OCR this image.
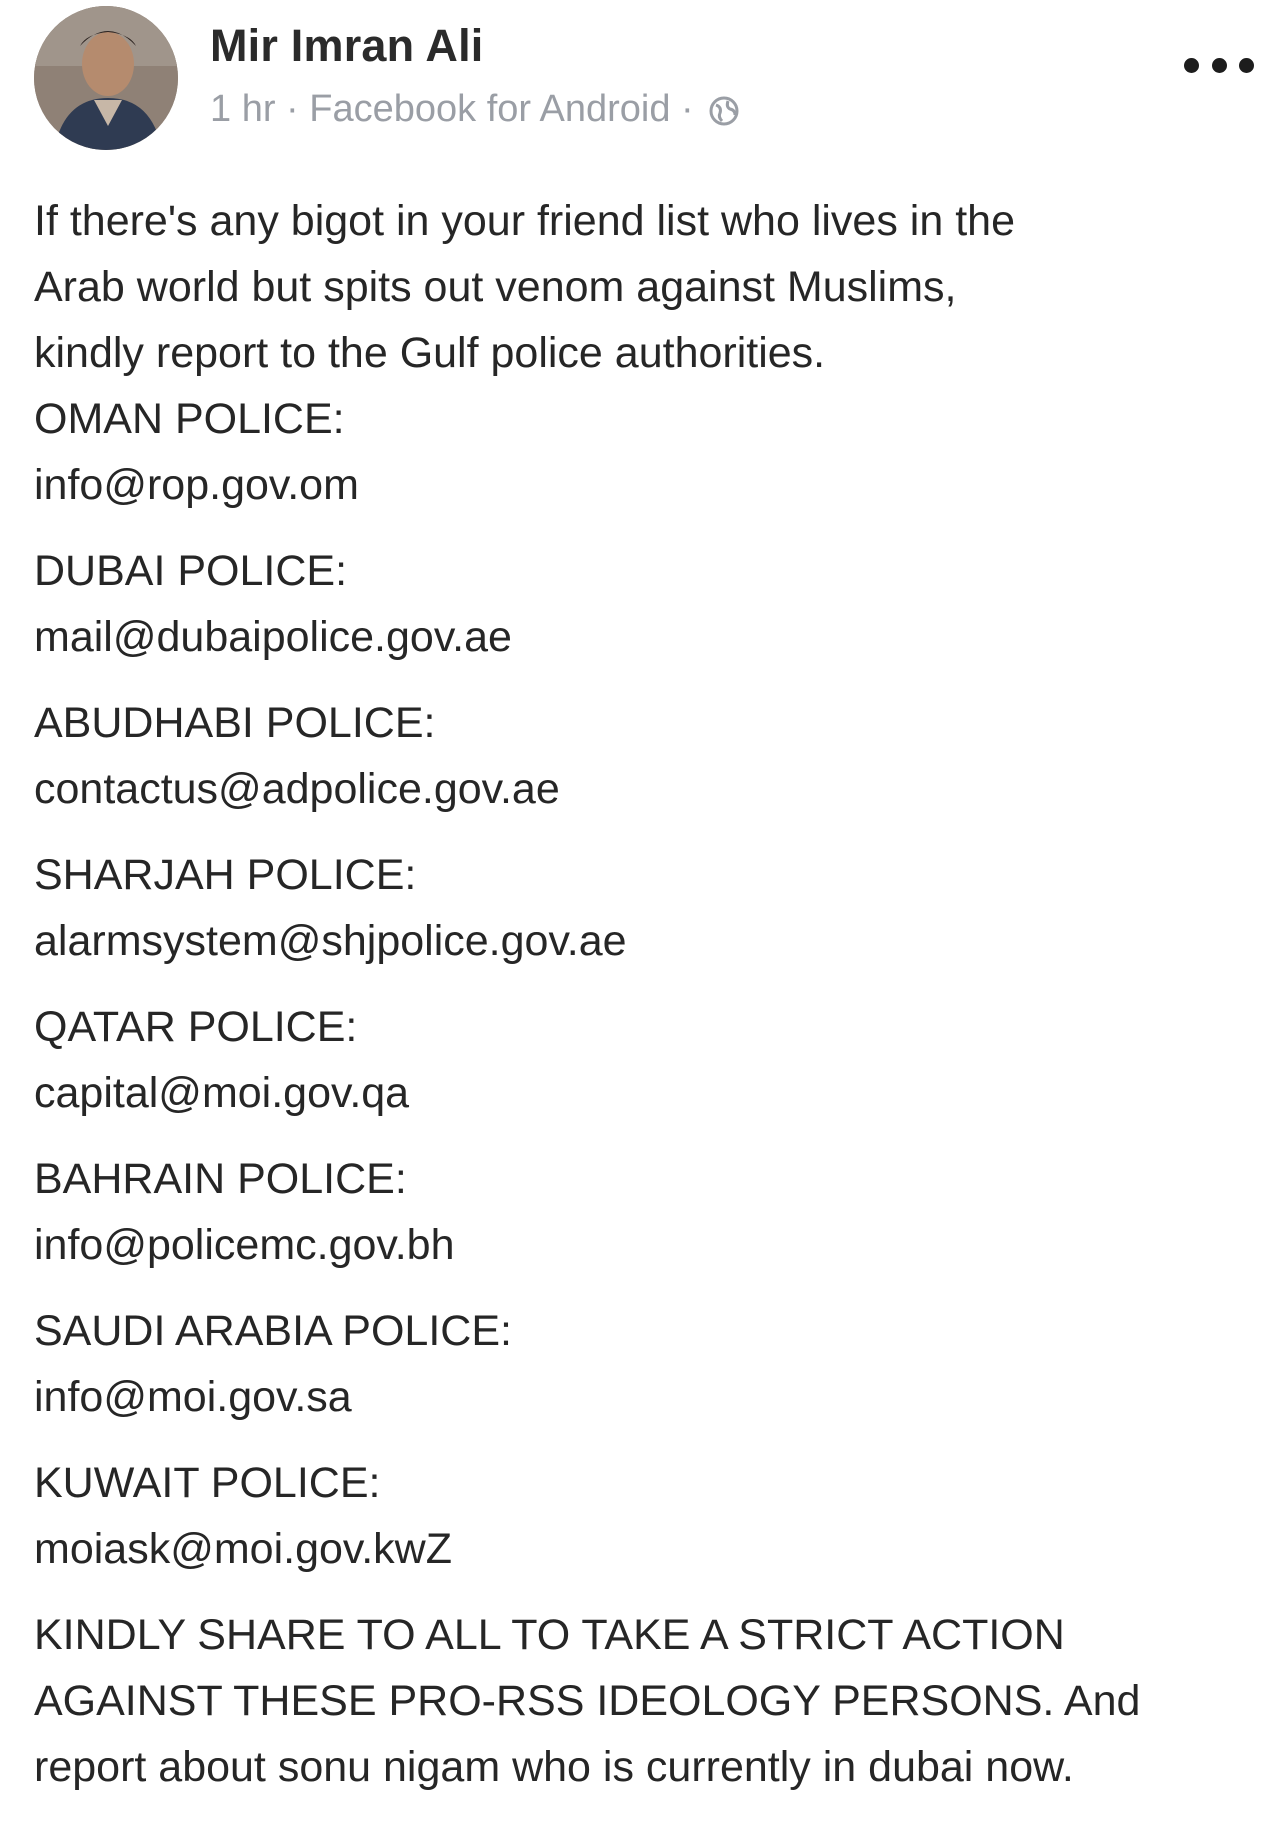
Mir Imran Ali
1 hr · Facebook for Android ·

If there's any bigot in your friend list who lives in the
Arab world but spits out venom against Muslims,
kindly report to the Gulf police authorities.

OMAN POLICE:
info@rop.gov.om
DUBAI POLICE:
mail@dubaipolice.gov.ae
ABUDHABI POLICE:
contactus@adpolice.gov.ae
SHARJAH POLICE:
alarmsystem@shjpolice.gov.ae
QATAR POLICE:
capital@moi.gov.qa
BAHRAIN POLICE:
info@policemc.gov.bh
SAUDI ARABIA POLICE:
info@moi.gov.sa
KUWAIT POLICE:
moiask@moi.gov.kwZ

KINDLY SHARE TO ALL TO TAKE A STRICT ACTION
AGAINST THESE PRO-RSS IDEOLOGY PERSONS. And
report about sonu nigam who is currently in dubai now.
